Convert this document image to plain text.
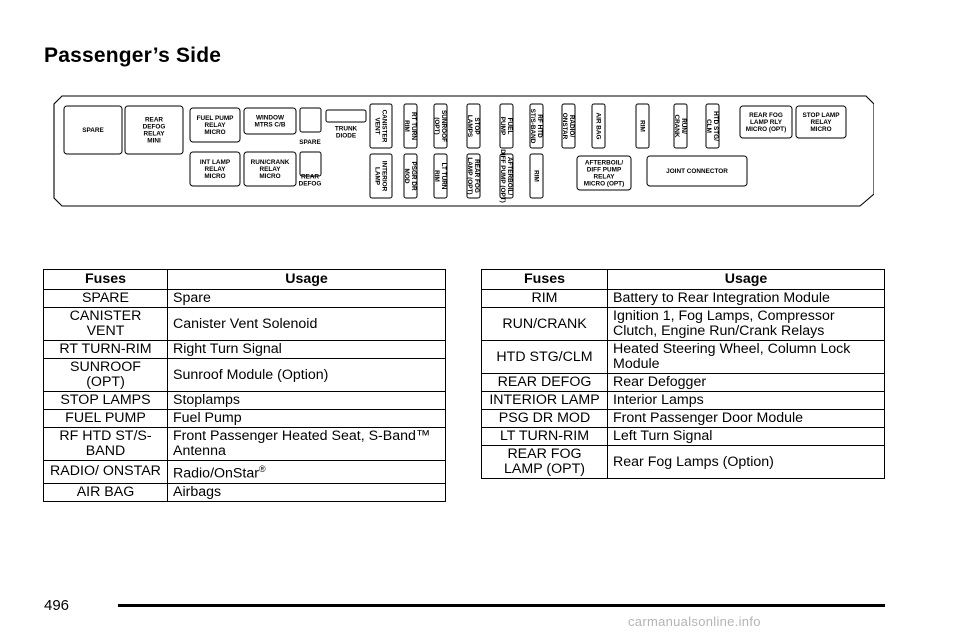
Passenger’s Side
SPARE
REAR DEFOG RELAY MINI
FUEL PUMP RELAY MICRO
INT LAMP RELAY MICRO
WINDOW MTRS C/B
RUN/CRANK RELAY MICRO
SPARE
REAR DEFOG
TRUNK DIODE	CANISTERVENT
INTERIORLAMP
RT TURNRIM
PSGR DRMOD
SUNROOF(OPT)
LT TURNRIM
STOPLAMPS
REAR FOGLAMP (OPT)
FUELPUMP
AFTERBOIL/DIFF PUMP (OPT)
RF HTDST/S-BAND
RIM
RADIO/ONSTAR
AFTERBOIL/ DIFF PUMP RELAY MICRO (OPT)
AIR BAG	RIM
JOINT CONNECTOR
RUN/CRANK	HTD STG/CLM
REAR FOG LAMP RLY MICRO (OPT)
STOP LAMP RELAY MICRO
Fuses	Usage
SPARE	Spare
CANISTER VENT	Canister Vent Solenoid
RT TURN-RIM	Right Turn Signal
SUNROOF (OPT)	Sunroof Module (Option)
STOP LAMPS	Stoplamps
FUEL PUMP	Fuel Pump
RF HTD ST/S-BAND	Front Passenger Heated Seat, S-Band™ Antenna
RADIO/ ONSTAR	Radio/OnStar®
AIR BAG	Airbags
Fuses	Usage
RIM	Battery to Rear Integration Module
RUN/CRANK	Ignition 1, Fog Lamps, Compressor Clutch, Engine Run/Crank Relays
HTD STG/CLM	Heated Steering Wheel, Column Lock Module
REAR DEFOG	Rear Defogger
INTERIOR LAMP	Interior Lamps
PSG DR MOD	Front Passenger Door Module
LT TURN-RIM	Left Turn Signal
REAR FOG LAMP (OPT)	Rear Fog Lamps (Option)
496
carmanualsonline.info
